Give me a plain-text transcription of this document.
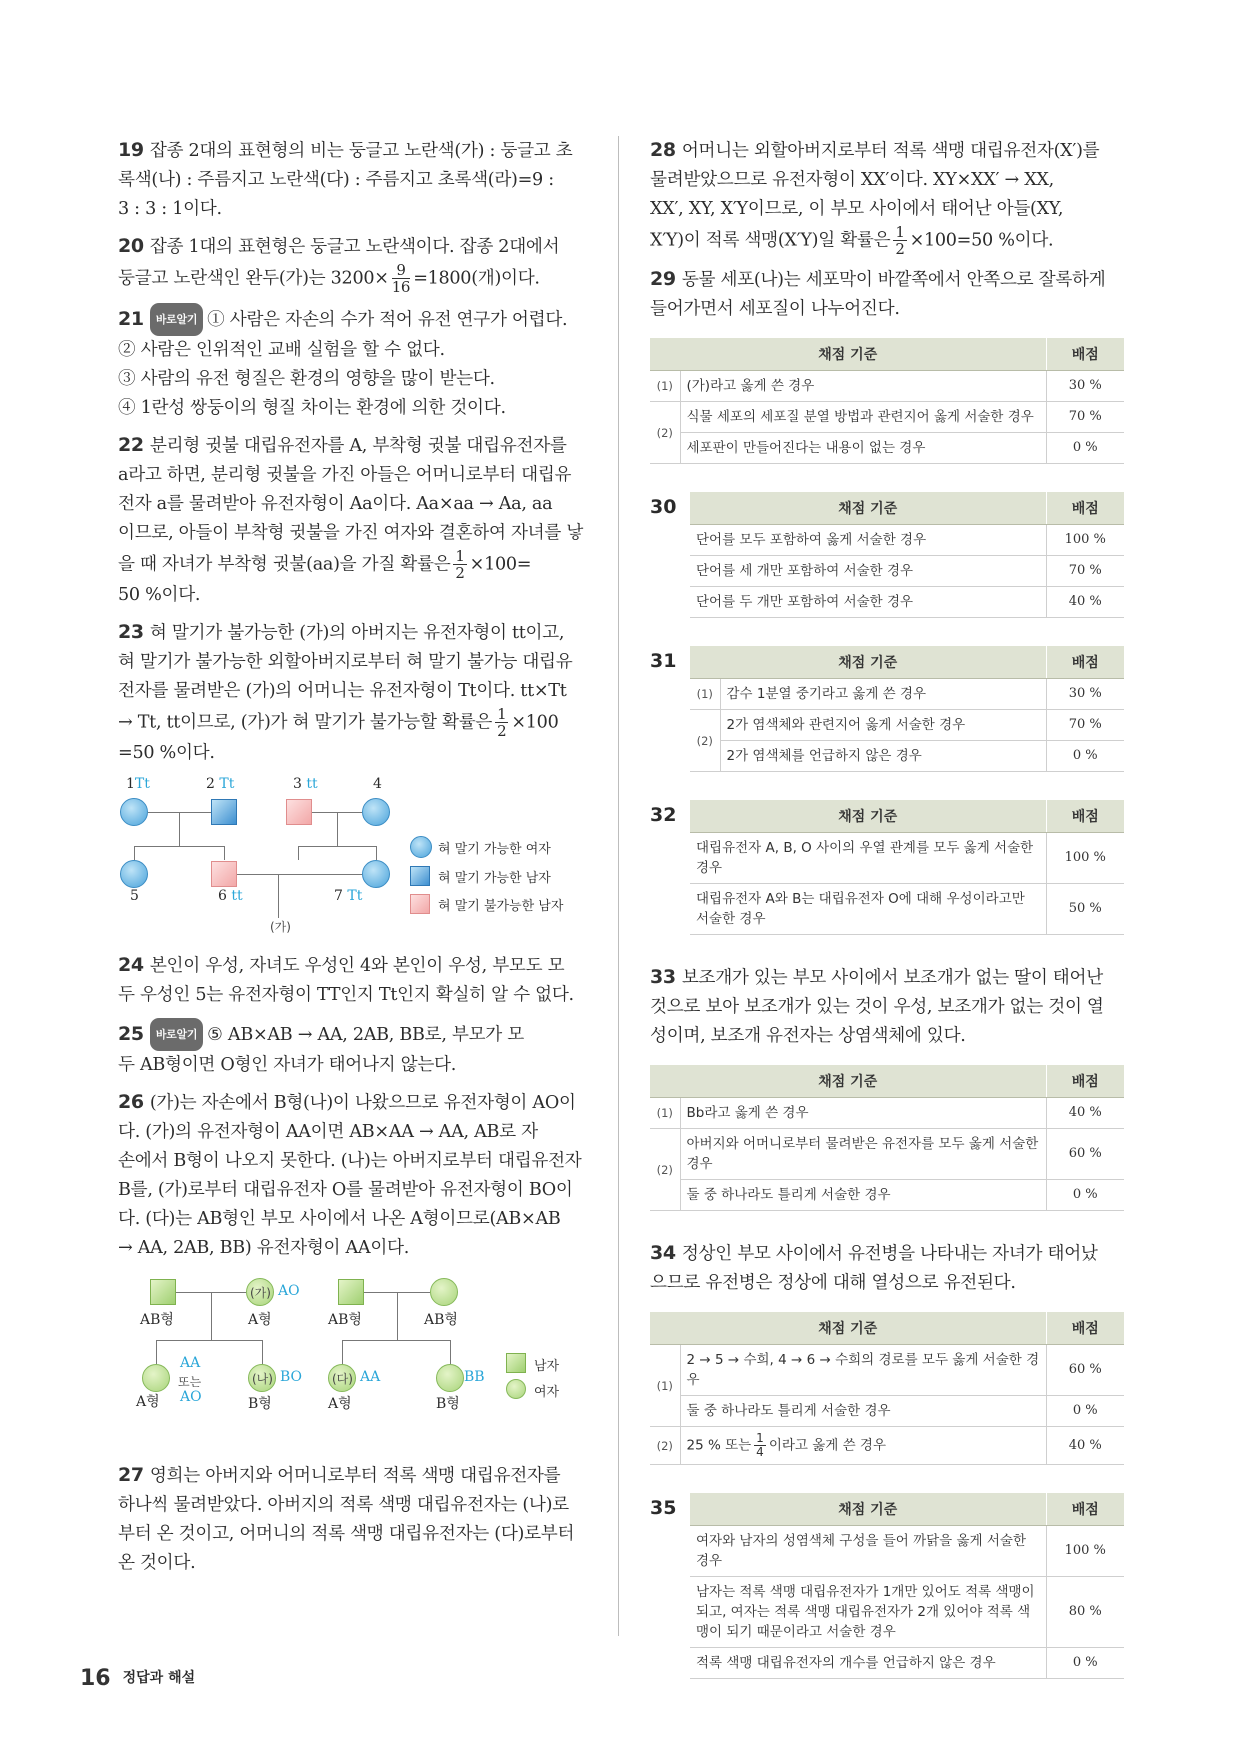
19 잡종 2대의 표현형의 비는 둥글고 노란색(가) : 둥글고 초
록색(나) : 주름지고 노란색(다) : 주름지고 초록색(라)=9 :
3 : 3 : 1이다.

20 잡종 1대의 표현형은 둥글고 노란색이다. 잡종 2대에서
둥글고 노란색인 완두(가)는 $3200\times \frac{9}{16} =1800$(개)이다.

21 바로알기 ① 사람은 자손의 수가 적어 유전 연구가 어렵다.
② 사람은 인위적인 교배 실험을 할 수 없다.
③ 사람의 유전 형질은 환경의 영향을 많이 받는다.
④ 1란성 쌍둥이의 형질 차이는 환경에 의한 것이다.

22 분리형 귓불 대립유전자를 A, 부착형 귓불 대립유전자를
a라고 하면, 분리형 귓불을 가진 아들은 어머니로부터 대립유
전자 a를 물려받아 유전자형이 Aa이다. Aa×aa → Aa, aa
이므로, 아들이 부착형 귓불을 가진 여자와 결혼하여 자녀를 낳
을 때 자녀가 부착형 귓불(aa)을 가질 확률은 $\frac{1}{2} \times 100=$
50 %이다.

23 혀 말기가 불가능한 (가)의 아버지는 유전자형이 tt이고,
혀 말기가 불가능한 외할아버지로부터 혀 말기 불가능 대립유
전자를 물려받은 (가)의 어머니는 유전자형이 Tt이다. tt×Tt
→ Tt, tt이므로, (가)가 혀 말기가 불가능할 확률은 $\frac{1}{2} \times 100$
=50 %이다.

1Tt	2 Tt	3 tt	4
5	6 tt	7 Tt
(가)
혀 말기 가능한 여자
혀 말기 가능한 남자
혀 말기 불가능한 남자

24 본인이 우성, 자녀도 우성인 4와 본인이 우성, 부모도 모
두 우성인 5는 유전자형이 TT인지 Tt인지 확실히 알 수 없다.

25 바로알기 ⑤ AB×AB → AA, 2AB, BB로, 부모가 모
두 AB형이면 O형인 자녀가 태어나지 않는다.

26 (가)는 자손에서 B형(나)이 나왔으므로 유전자형이 AO이
다. (가)의 유전자형이 AA이면 AB×AA → AA, AB로 자
손에서 B형이 나오지 못한다. (나)는 아버지로부터 대립유전자
B를, (가)로부터 대립유전자 O를 물려받아 유전자형이 BO이
다. (다)는 AB형인 부모 사이에서 나온 A형이므로(AB×AB
→ AA, 2AB, BB) 유전자형이 AA이다.

(가) AO
AB형	A형	AB형	AB형
AA
또는
AO
A형
(나) BO
B형
(다) AA
A형
BB
B형
남자
여자

27 영희는 아버지와 어머니로부터 적록 색맹 대립유전자를
하나씩 물려받았다. 아버지의 적록 색맹 대립유전자는 (나)로
부터 온 것이고, 어머니의 적록 색맹 대립유전자는 (다)로부터
온 것이다.

28 어머니는 외할아버지로부터 적록 색맹 대립유전자(X′)를
물려받았으므로 유전자형이 XX′이다. XY×XX′ → XX,
XX′, XY, X′Y이므로, 이 부모 사이에서 태어난 아들(XY,
X′Y)이 적록 색맹(X′Y)일 확률은 $\frac{1}{2} \times 100=50$ %이다.

29 동물 세포(나)는 세포막이 바깥쪽에서 안쪽으로 잘록하게
들어가면서 세포질이 나누어진다.

채점 기준		배점
(1)	(가)라고 옳게 쓴 경우	30 %
(2)	식물 세포의 세포질 분열 방법과 관련지어 옳게 서술한 경우	70 %
	세포판이 만들어진다는 내용이 없는 경우	0 %
30	채점 기준	배점
단어를 모두 포함하여 옳게 서술한 경우	100 %
단어를 세 개만 포함하여 서술한 경우	70 %
단어를 두 개만 포함하여 서술한 경우	40 %
31	채점 기준		배점
(1)	감수 1분열 중기라고 옳게 쓴 경우	30 %
(2)	2가 염색체와 관련지어 옳게 서술한 경우	70 %
	2가 염색체를 언급하지 않은 경우	0 %
32	채점 기준	배점
대립유전자 A, B, O 사이의 우열 관계를 모두 옳게 서술한 경우	100 %
대립유전자 A와 B는 대립유전자 O에 대해 우성이라고만 서술한 경우	50 %

33 보조개가 있는 부모 사이에서 보조개가 없는 딸이 태어난
것으로 보아 보조개가 있는 것이 우성, 보조개가 없는 것이 열
성이며, 보조개 유전자는 상염색체에 있다.

채점 기준		배점
(1)	Bb라고 옳게 쓴 경우	40 %
(2)	아버지와 어머니로부터 물려받은 유전자를 모두 옳게 서술한 경우	60 %
	둘 중 하나라도 틀리게 서술한 경우	0 %

34 정상인 부모 사이에서 유전병을 나타내는 자녀가 태어났
으므로 유전병은 정상에 대해 열성으로 유전된다.

채점 기준		배점
(1)	2 → 5 → 수희, 4 → 6 → 수희의 경로를 모두 옳게 서술한 경우	60 %
	둘 중 하나라도 틀리게 서술한 경우	0 %
(2)	25 % 또는 $\frac{1}{4}$ 이라고 옳게 쓴 경우	40 %
35	채점 기준	배점
여자와 남자의 성염색체 구성을 들어 까닭을 옳게 서술한 경우	100 %
남자는 적록 색맹 대립유전자가 1개만 있어도 적록 색맹이 되고, 여자는 적록 색맹 대립유전자가 2개 있어야 적록 색맹이 되기 때문이라고 서술한 경우	80 %
적록 색맹 대립유전자의 개수를 언급하지 않은 경우	0 %
16 정답과 해설
